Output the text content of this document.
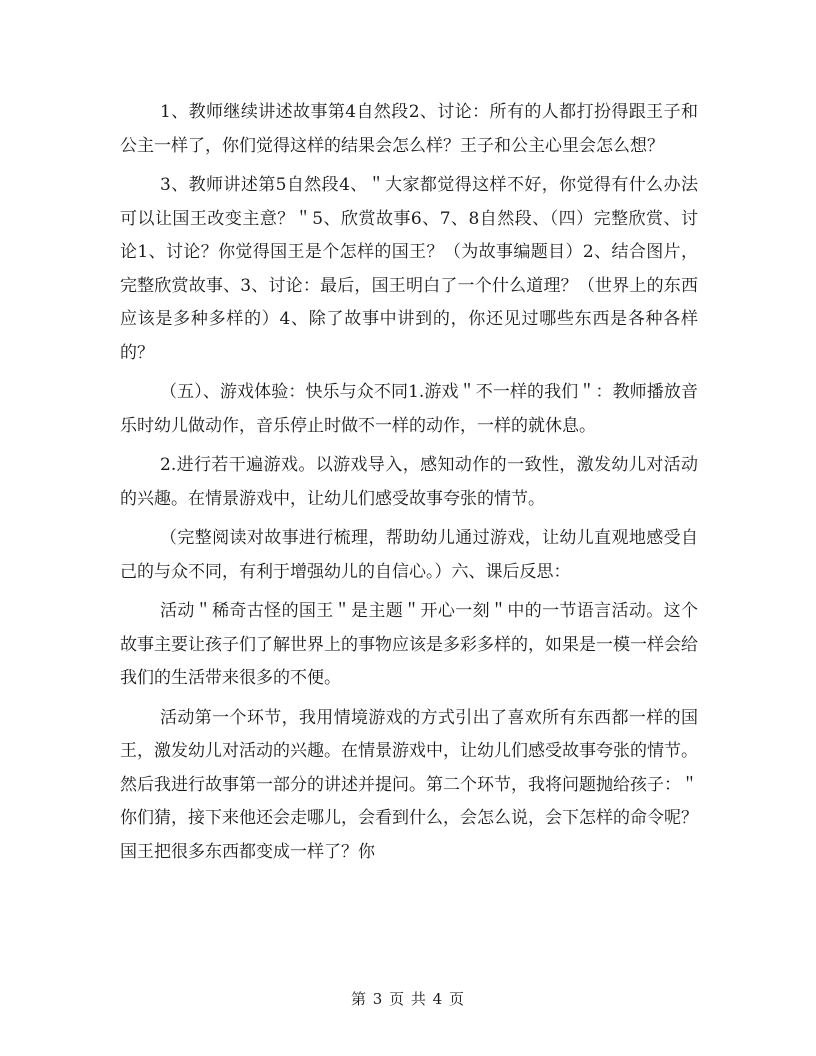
1、教师继续讲述故事第4自然段2、讨论：所有的人都打扮得跟王子和公主一样了，你们觉得这样的结果会怎么样？王子和公主心里会怎么想？

3、教师讲述第5自然段4、＂大家都觉得这样不好，你觉得有什么办法可以让国王改变主意？＂5、欣赏故事6、7、8自然段、（四）完整欣赏、讨论1、讨论？你觉得国王是个怎样的国王？（为故事编题目）2、结合图片，完整欣赏故事、3、讨论：最后，国王明白了一个什么道理？（世界上的东西应该是多种多样的）4、除了故事中讲到的，你还见过哪些东西是各种各样的？

（五）、游戏体验：快乐与众不同1.游戏＂不一样的我们＂：教师播放音乐时幼儿做动作，音乐停止时做不一样的动作，一样的就休息。

2.进行若干遍游戏。以游戏导入，感知动作的一致性，激发幼儿对活动的兴趣。在情景游戏中，让幼儿们感受故事夸张的情节。

（完整阅读对故事进行梳理，帮助幼儿通过游戏，让幼儿直观地感受自己的与众不同，有利于增强幼儿的自信心。）六、课后反思：

活动＂稀奇古怪的国王＂是主题＂开心一刻＂中的一节语言活动。这个故事主要让孩子们了解世界上的事物应该是多彩多样的，如果是一模一样会给我们的生活带来很多的不便。

活动第一个环节，我用情境游戏的方式引出了喜欢所有东西都一样的国王，激发幼儿对活动的兴趣。在情景游戏中，让幼儿们感受故事夸张的情节。然后我进行故事第一部分的讲述并提问。第二个环节，我将问题抛给孩子：＂你们猜，接下来他还会走哪儿，会看到什么，会怎么说，会下怎样的命令呢？国王把很多东西都变成一样了？你

第 3 页 共 4 页
